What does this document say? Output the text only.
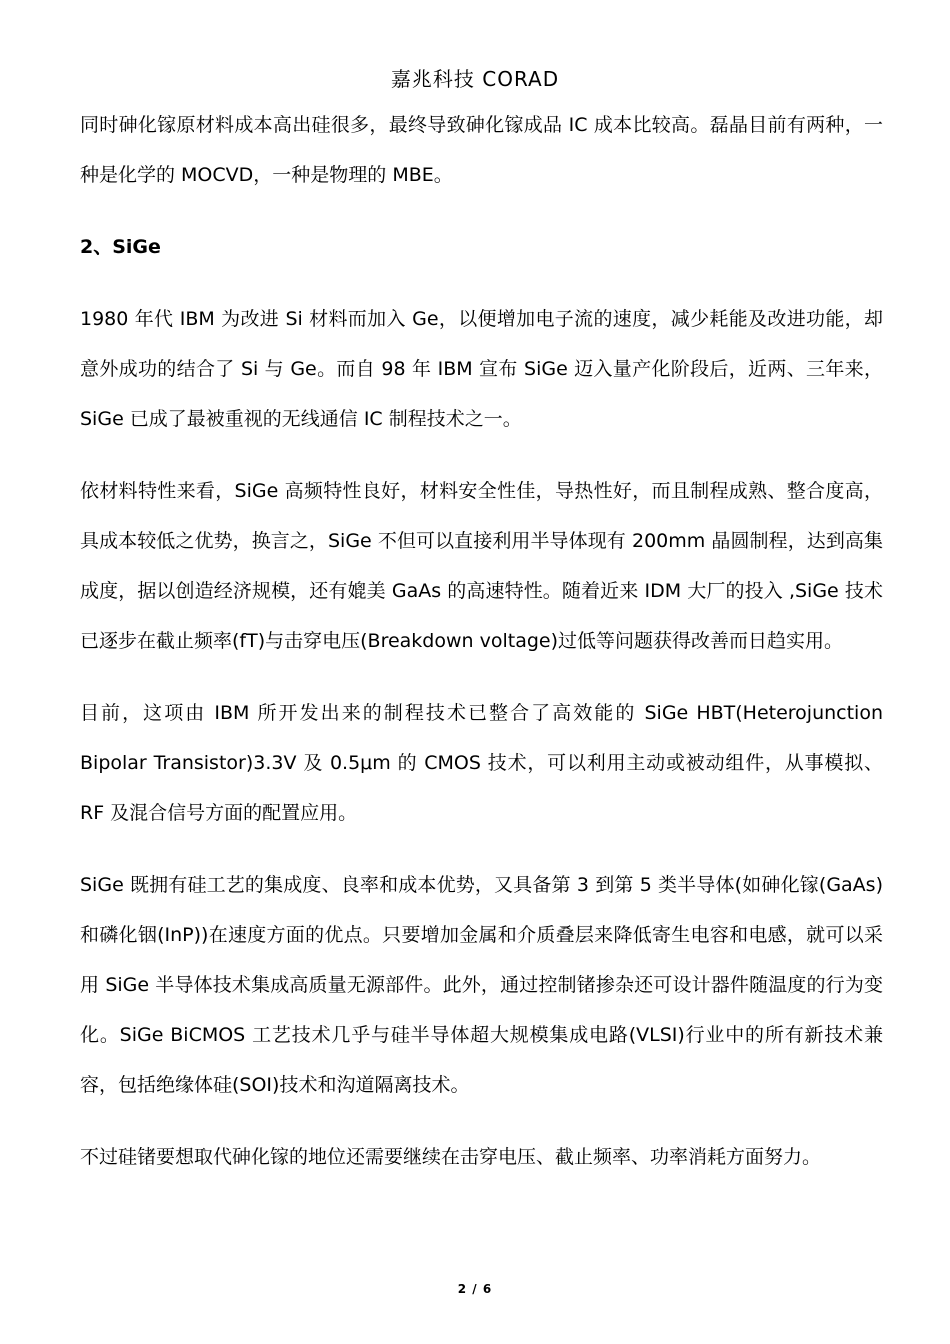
嘉兆科技 CORAD

同时砷化镓原材料成本高出硅很多，最终导致砷化镓成品 IC 成本比较高。磊晶目前有两种，一种是化学的 MOCVD，一种是物理的 MBE。

2、SiGe

1980 年代 IBM 为改进 Si 材料而加入 Ge，以便增加电子流的速度，减少耗能及改进功能，却意外成功的结合了 Si 与 Ge。而自 98 年 IBM 宣布 SiGe 迈入量产化阶段后，近两、三年来，SiGe 已成了最被重视的无线通信 IC 制程技术之一。

依材料特性来看，SiGe 高频特性良好，材料安全性佳，导热性好，而且制程成熟、整合度高，具成本较低之优势，换言之，SiGe 不但可以直接利用半导体现有 200mm 晶圆制程，达到高集成度，据以创造经济规模，还有媲美 GaAs 的高速特性。随着近来 IDM 大厂的投入 ,SiGe 技术已逐步在截止频率(fT)与击穿电压(Breakdown voltage)过低等问题获得改善而日趋实用。

目前，这项由 IBM 所开发出来的制程技术已整合了高效能的 SiGe HBT(Heterojunction Bipolar Transistor)3.3V 及 0.5μm 的 CMOS 技术，可以利用主动或被动组件，从事模拟、RF 及混合信号方面的配置应用。

SiGe 既拥有硅工艺的集成度、良率和成本优势，又具备第 3 到第 5 类半导体(如砷化镓(GaAs)和磷化铟(InP))在速度方面的优点。只要增加金属和介质叠层来降低寄生电容和电感，就可以采用 SiGe 半导体技术集成高质量无源部件。此外，通过控制锗掺杂还可设计器件随温度的行为变化。SiGe BiCMOS 工艺技术几乎与硅半导体超大规模集成电路(VLSI)行业中的所有新技术兼容，包括绝缘体硅(SOI)技术和沟道隔离技术。

不过硅锗要想取代砷化镓的地位还需要继续在击穿电压、截止频率、功率消耗方面努力。

2 / 6
